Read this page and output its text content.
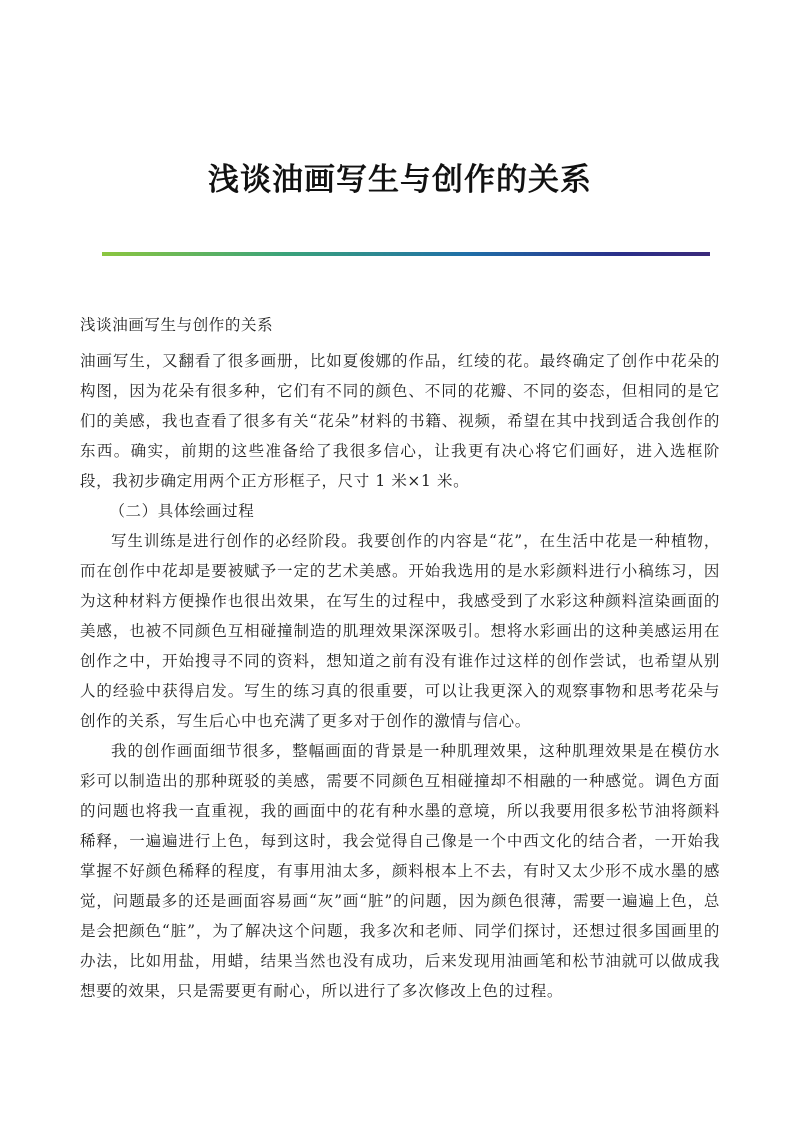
浅谈油画写生与创作的关系

浅谈油画写生与创作的关系

油画写生，又翻看了很多画册，比如夏俊娜的作品，红绫的花。最终确定了创作中花朵的构图，因为花朵有很多种，它们有不同的颜色、不同的花瓣、不同的姿态，但相同的是它们的美感，我也查看了很多有关“花朵”材料的书籍、视频，希望在其中找到适合我创作的东西。确实，前期的这些准备给了我很多信心，让我更有决心将它们画好，进入选框阶段，我初步确定用两个正方形框子，尺寸 1 米×1 米。

（二）具体绘画过程

写生训练是进行创作的必经阶段。我要创作的内容是“花”，在生活中花是一种植物，而在创作中花却是要被赋予一定的艺术美感。开始我选用的是水彩颜料进行小稿练习，因为这种材料方便操作也很出效果，在写生的过程中，我感受到了水彩这种颜料渲染画面的美感，也被不同颜色互相碰撞制造的肌理效果深深吸引。想将水彩画出的这种美感运用在创作之中，开始搜寻不同的资料，想知道之前有没有谁作过这样的创作尝试，也希望从别人的经验中获得启发。写生的练习真的很重要，可以让我更深入的观察事物和思考花朵与创作的关系，写生后心中也充满了更多对于创作的激情与信心。

我的创作画面细节很多，整幅画面的背景是一种肌理效果，这种肌理效果是在模仿水彩可以制造出的那种斑驳的美感，需要不同颜色互相碰撞却不相融的一种感觉。调色方面的问题也将我一直重视，我的画面中的花有种水墨的意境，所以我要用很多松节油将颜料稀释，一遍遍进行上色，每到这时，我会觉得自己像是一个中西文化的结合者，一开始我掌握不好颜色稀释的程度，有事用油太多，颜料根本上不去，有时又太少形不成水墨的感觉，问题最多的还是画面容易画“灰”画“脏”的问题，因为颜色很薄，需要一遍遍上色，总是会把颜色“脏”，为了解决这个问题，我多次和老师、同学们探讨，还想过很多国画里的办法，比如用盐，用蜡，结果当然也没有成功，后来发现用油画笔和松节油就可以做成我想要的效果，只是需要更有耐心，所以进行了多次修改上色的过程。
